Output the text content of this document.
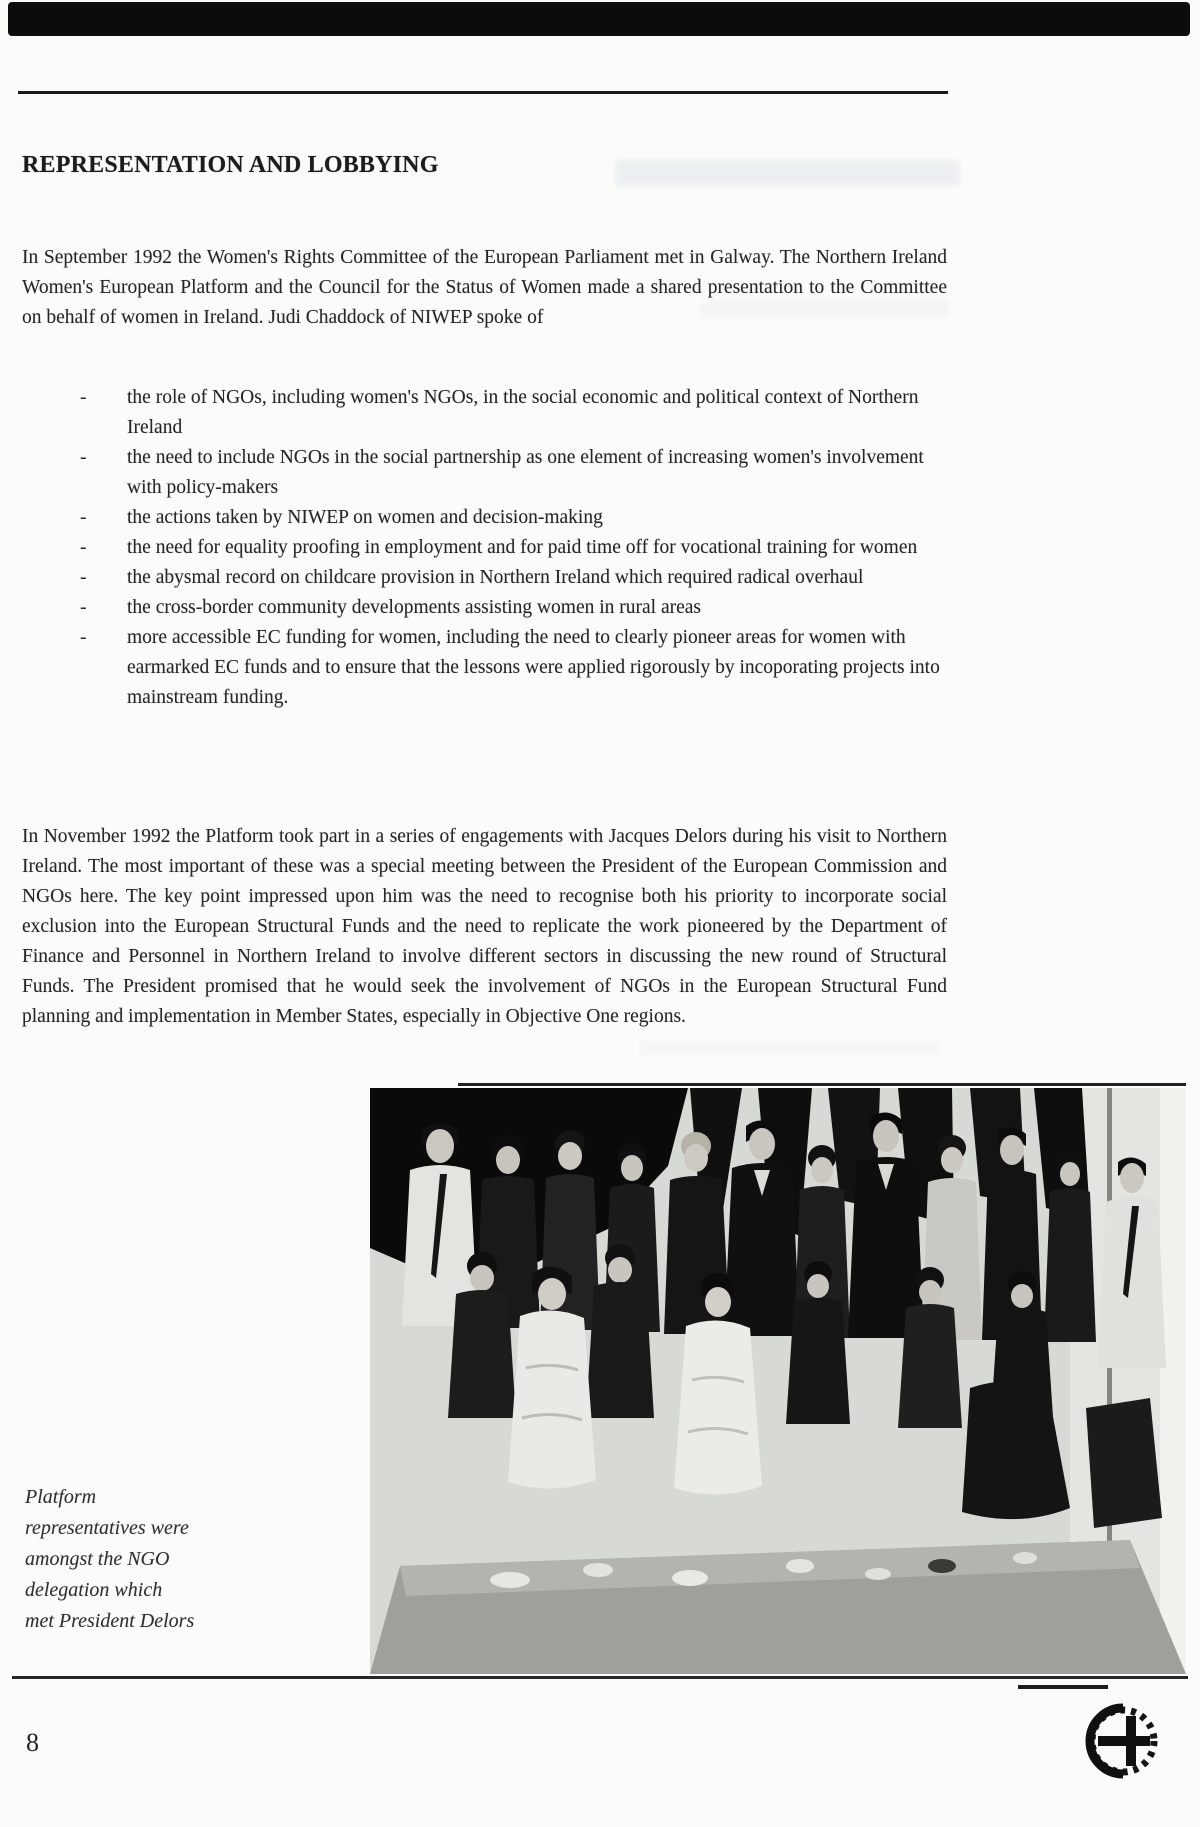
REPRESENTATION AND LOBBYING

In September 1992 the Women's Rights Committee of the European Parliament met in Galway. The Northern Ireland Women's European Platform and the Council for the Status of Women made a shared presentation to the Committee on behalf of women in Ireland. Judi Chaddock of NIWEP spoke of

-	the role of NGOs, including women's NGOs, in the social economic and political context of Northern Ireland
-	the need to include NGOs in the social partnership as one element of increasing women's involvement with policy-makers
-	the actions taken by NIWEP on women and decision-making
-	the need for equality proofing in employment and for paid time off for vocational training for women
-	the abysmal record on childcare provision in Northern Ireland which required radical overhaul
-	the cross-border community developments assisting women in rural areas
-	more accessible EC funding for women, including the need to clearly pioneer areas for women with earmarked EC funds and to ensure that the lessons were applied rigorously by incoporating projects into mainstream funding.

In November 1992 the Platform took part in a series of engagements with Jacques Delors during his visit to Northern Ireland. The most important of these was a special meeting between the President of the European Commission and NGOs here. The key point impressed upon him was the need to recognise both his priority to incorporate social exclusion into the European Structural Funds and the need to replicate the work pioneered by the Department of Finance and Personnel in Northern Ireland to involve different sectors in discussing the new round of Structural Funds. The President promised that he would seek the involvement of NGOs in the European Structural Fund planning and implementation in Member States, especially in Objective One regions.

Platform
representatives were
amongst the NGO
delegation which
met President Delors
8
